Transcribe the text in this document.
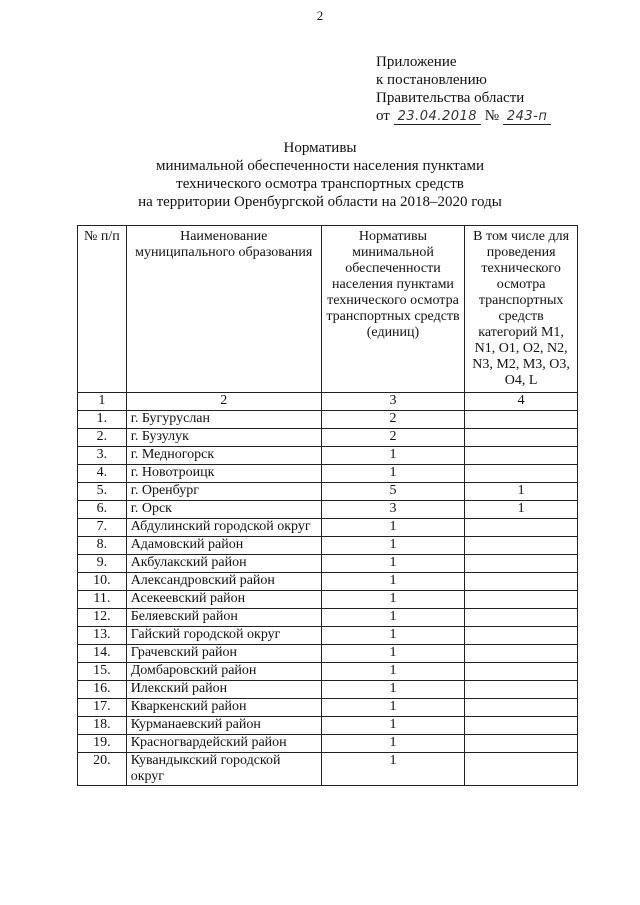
2
Приложение
к постановлению
Правительства области
от 23.04.2018 № 243-п
Нормативы
минимальной обеспеченности населения пунктами
технического осмотра транспортных средств
на территории Оренбургской области на 2018–2020 годы
№ п/п	Наименование муниципального образования	Нормативы минимальной обеспеченности населения пунктами технического осмотра транспортных средств (единиц)	В том числе для проведения технического осмотра транспортных средств категорий M1, N1, O1, O2, N2, N3, M2, M3, O3, O4, L
1	2	3	4
1.	г. Бугуруслан	2	
2.	г. Бузулук	2	
3.	г. Медногорск	1	
4.	г. Новотроицк	1	
5.	г. Оренбург	5	1
6.	г. Орск	3	1
7.	Абдулинский городской округ	1	
8.	Адамовский район	1	
9.	Акбулакский район	1	
10.	Александровский район	1	
11.	Асекеевский район	1	
12.	Беляевский район	1	
13.	Гайский городской округ	1	
14.	Грачевский район	1	
15.	Домбаровский район	1	
16.	Илекский район	1	
17.	Кваркенский район	1	
18.	Курманаевский район	1	
19.	Красногвардейский район	1	
20.	Кувандыкский городской округ	1	
